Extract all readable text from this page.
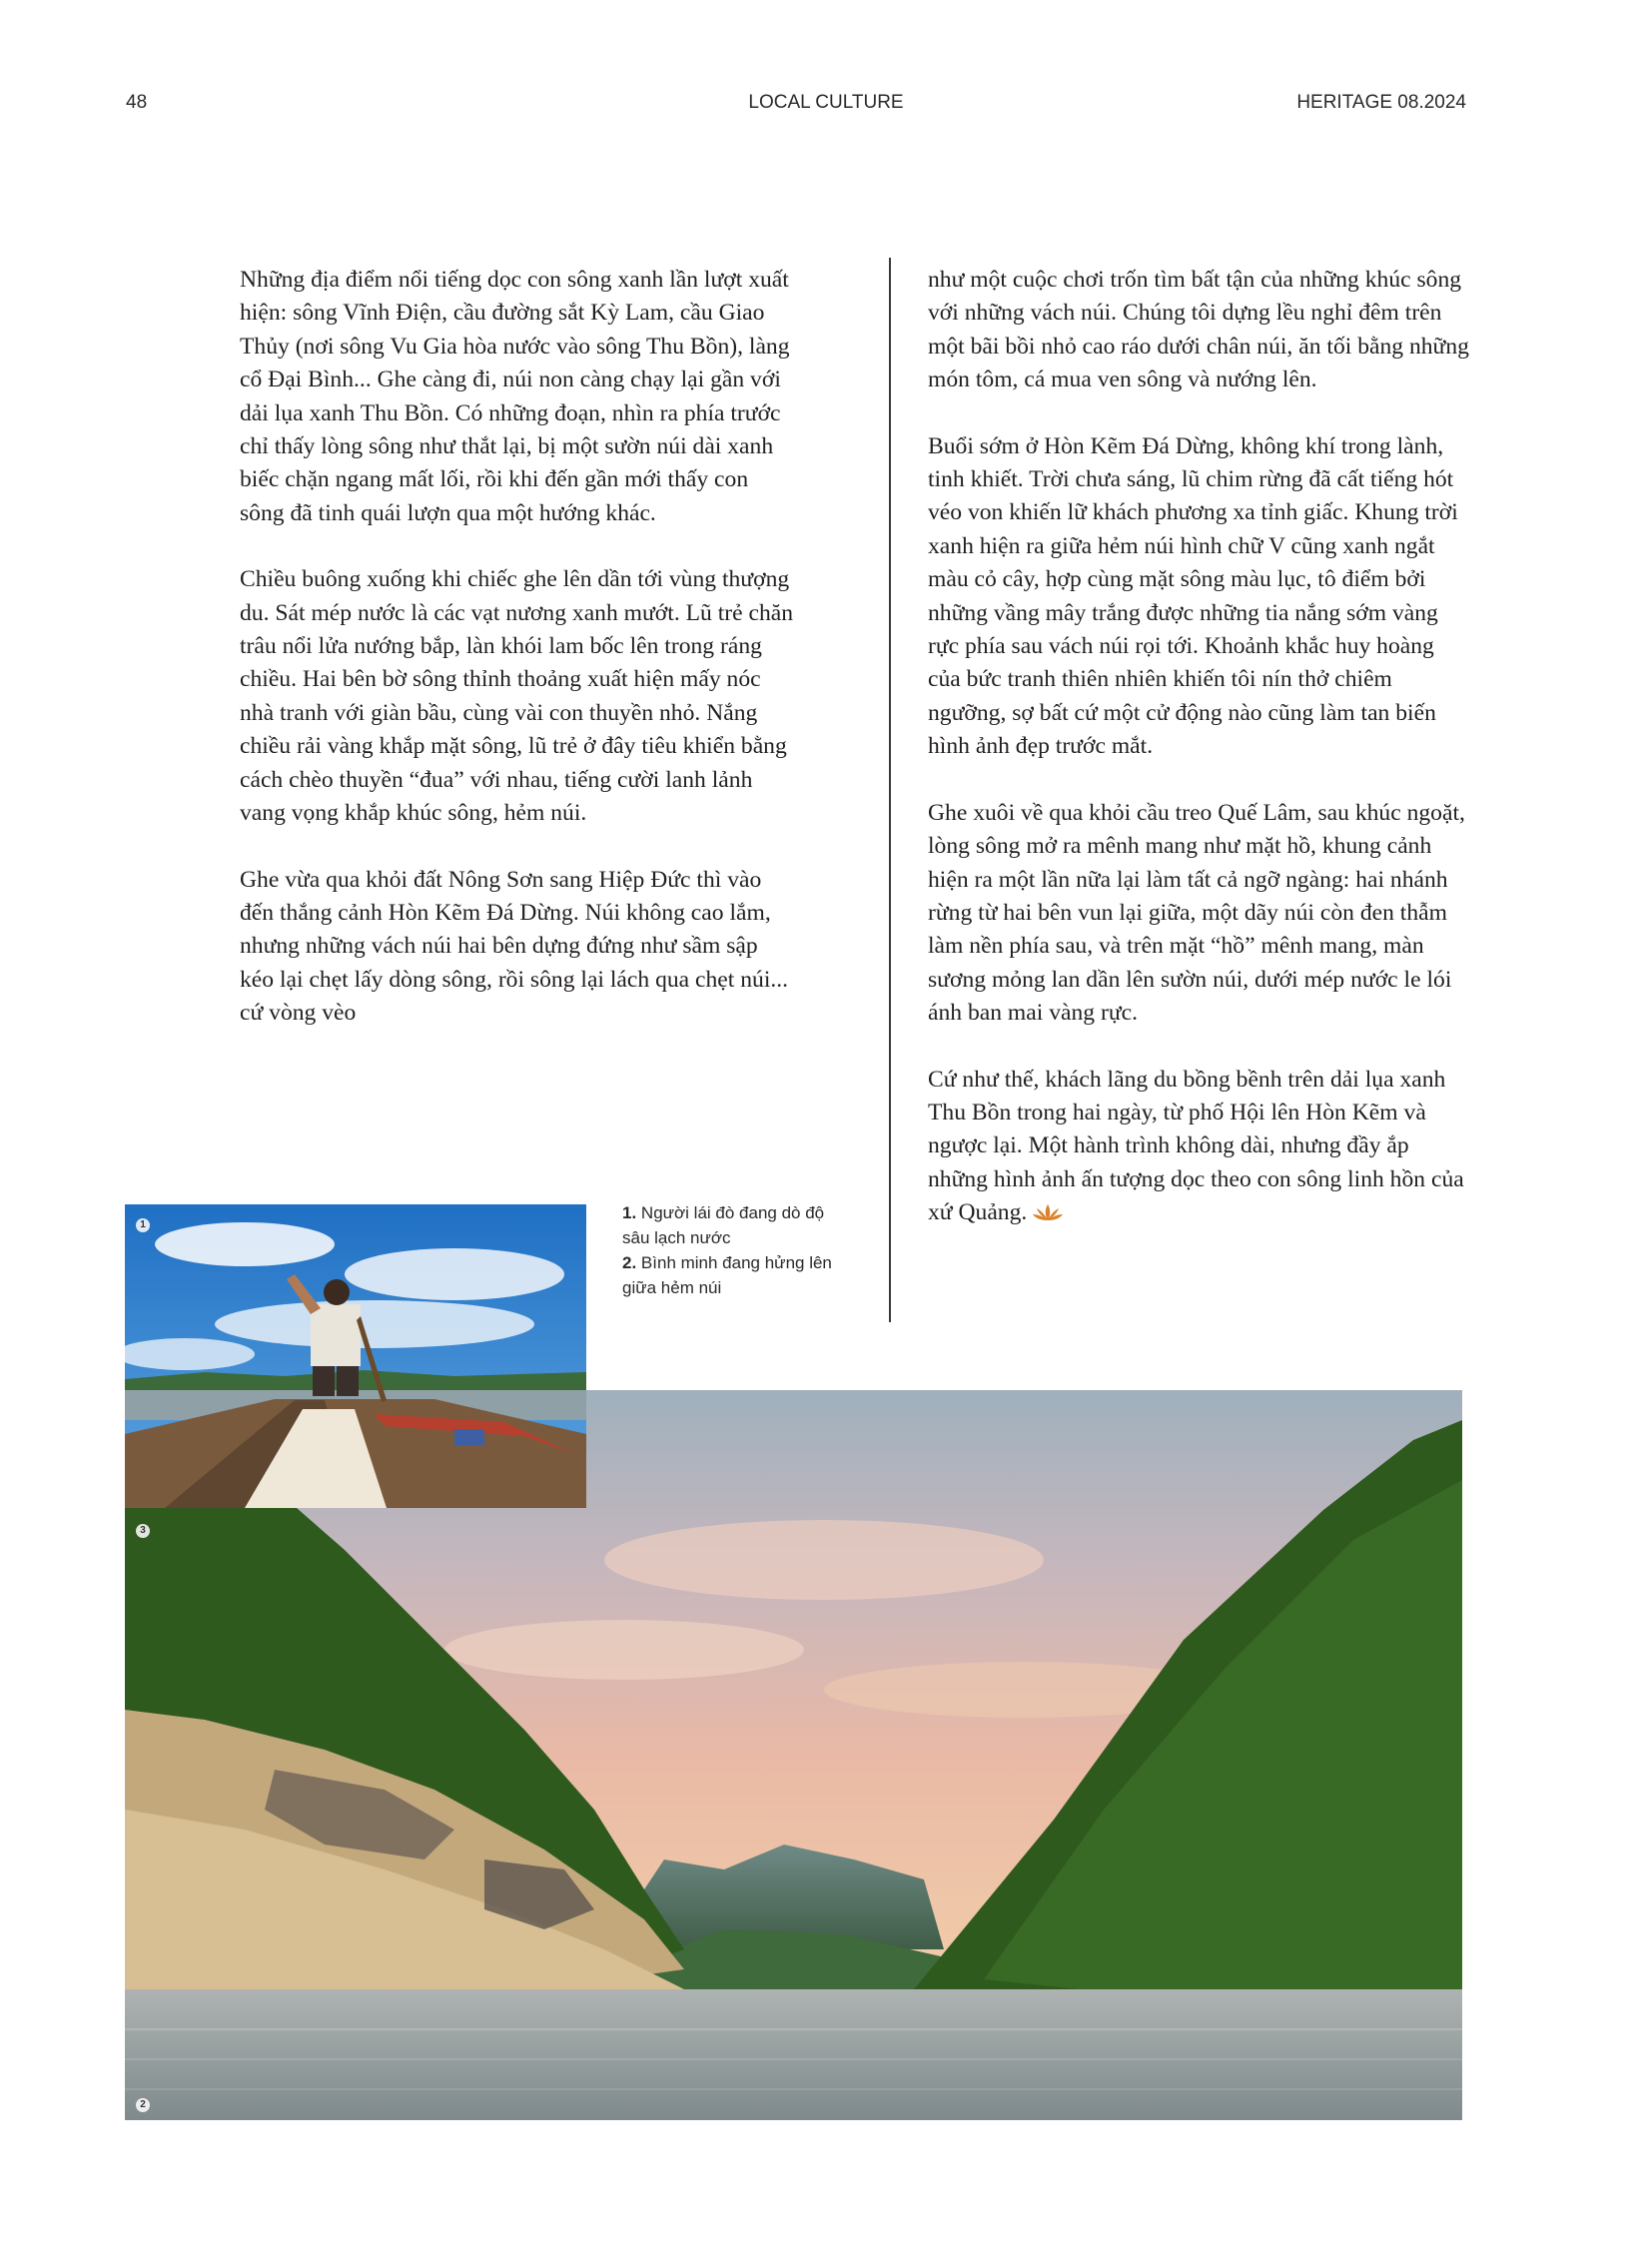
48	LOCAL CULTURE	HERITAGE 08.2024

Những địa điểm nổi tiếng dọc con sông xanh lần lượt xuất hiện: sông Vĩnh Điện, cầu đường sắt Kỳ Lam, cầu Giao Thủy (nơi sông Vu Gia hòa nước vào sông Thu Bồn), làng cổ Đại Bình... Ghe càng đi, núi non càng chạy lại gần với dải lụa xanh Thu Bồn. Có những đoạn, nhìn ra phía trước chỉ thấy lòng sông như thắt lại, bị một sườn núi dài xanh biếc chặn ngang mất lối, rồi khi đến gần mới thấy con sông đã tinh quái lượn qua một hướng khác.

Chiều buông xuống khi chiếc ghe lên dần tới vùng thượng du. Sát mép nước là các vạt nương xanh mướt. Lũ trẻ chăn trâu nổi lửa nướng bắp, làn khói lam bốc lên trong ráng chiều. Hai bên bờ sông thỉnh thoảng xuất hiện mấy nóc nhà tranh với giàn bầu, cùng vài con thuyền nhỏ. Nắng chiều rải vàng khắp mặt sông, lũ trẻ ở đây tiêu khiển bằng cách chèo thuyền “đua” với nhau, tiếng cười lanh lảnh vang vọng khắp khúc sông, hẻm núi.

Ghe vừa qua khỏi đất Nông Sơn sang Hiệp Đức thì vào đến thắng cảnh Hòn Kẽm Đá Dừng. Núi không cao lắm, nhưng những vách núi hai bên dựng đứng như sầm sập kéo lại chẹt lấy dòng sông, rồi sông lại lách qua chẹt núi... cứ vòng vèo

như một cuộc chơi trốn tìm bất tận của những khúc sông với những vách núi. Chúng tôi dựng lều nghỉ đêm trên một bãi bồi nhỏ cao ráo dưới chân núi, ăn tối bằng những món tôm, cá mua ven sông và nướng lên.

Buổi sớm ở Hòn Kẽm Đá Dừng, không khí trong lành, tinh khiết. Trời chưa sáng, lũ chim rừng đã cất tiếng hót véo von khiến lữ khách phương xa tỉnh giấc. Khung trời xanh hiện ra giữa hẻm núi hình chữ V cũng xanh ngắt màu cỏ cây, hợp cùng mặt sông màu lục, tô điểm bởi những vầng mây trắng được những tia nắng sớm vàng rực phía sau vách núi rọi tới. Khoảnh khắc huy hoàng của bức tranh thiên nhiên khiến tôi nín thở chiêm ngưỡng, sợ bất cứ một cử động nào cũng làm tan biến hình ảnh đẹp trước mắt.

Ghe xuôi về qua khỏi cầu treo Quế Lâm, sau khúc ngoặt, lòng sông mở ra mênh mang như mặt hồ, khung cảnh hiện ra một lần nữa lại làm tất cả ngỡ ngàng: hai nhánh rừng từ hai bên vun lại giữa, một dãy núi còn đen thẫm làm nền phía sau, và trên mặt “hồ” mênh mang, màn sương mỏng lan dần lên sườn núi, dưới mép nước le lói ánh ban mai vàng rực.

Cứ như thế, khách lãng du bồng bềnh trên dải lụa xanh Thu Bồn trong hai ngày, từ phố Hội lên Hòn Kẽm và ngược lại. Một hành trình không dài, nhưng đầy ắp những hình ảnh ấn tượng dọc theo con sông linh hồn của xứ Quảng.

3
2
1
1. Người lái đò đang dò độ sâu lạch nước
2. Bình minh đang hửng lên giữa hẻm núi
